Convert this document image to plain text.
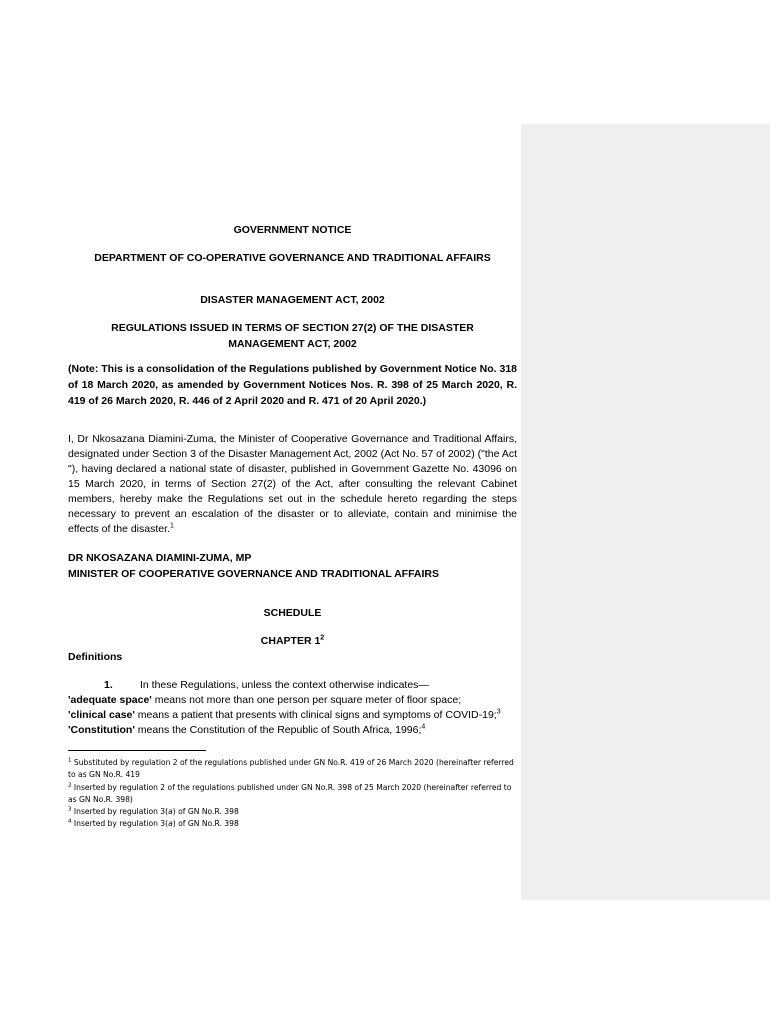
GOVERNMENT NOTICE
DEPARTMENT OF CO-OPERATIVE GOVERNANCE AND TRADITIONAL AFFAIRS
DISASTER MANAGEMENT ACT, 2002
REGULATIONS ISSUED IN TERMS OF SECTION 27(2) OF THE DISASTER
MANAGEMENT ACT, 2002
(Note: This is a consolidation of the Regulations published by Government Notice No. 318 of 18 March 2020, as amended by Government Notices Nos. R. 398 of 25 March 2020, R. 419 of 26 March 2020, R. 446 of 2 April 2020 and R. 471 of 20 April 2020.)
I, Dr Nkosazana Diamini-Zuma, the Minister of Cooperative Governance and Traditional Affairs, designated under Section 3 of the Disaster Management Act, 2002 (Act No. 57 of 2002) ("the Act "), having declared a national state of disaster, published in Government Gazette No. 43096 on 15 March 2020, in terms of Section 27(2) of the Act, after consulting the relevant Cabinet members, hereby make the Regulations set out in the schedule hereto regarding the steps necessary to prevent an escalation of the disaster or to alleviate, contain and minimise the effects of the disaster.$^1$
DR NKOSAZANA DIAMINI-ZUMA, MP
MINISTER OF COOPERATIVE GOVERNANCE AND TRADITIONAL AFFAIRS
SCHEDULE
CHAPTER $1^2$
Definitions
1.	In these Regulations, unless the context otherwise indicates—
'adequate space' means not more than one person per square meter of floor space;
'clinical case' means a patient that presents with clinical signs and symptoms of COVID-19;$^3$
'Constitution' means the Constitution of the Republic of South Africa, 1996;$^4$
$^1$ Substituted by regulation 2 of the regulations published under GN No.R. 419 of 26 March 2020 (hereinafter referred to as GN No.R. 419
$^2$ Inserted by regulation 2 of the regulations published under GN No.R. 398 of 25 March 2020 (hereinafter referred to as GN No.R. 398)
$^3$ Inserted by regulation 3(a) of GN No.R. 398
$^4$ Inserted by regulation 3(a) of GN No.R. 398
